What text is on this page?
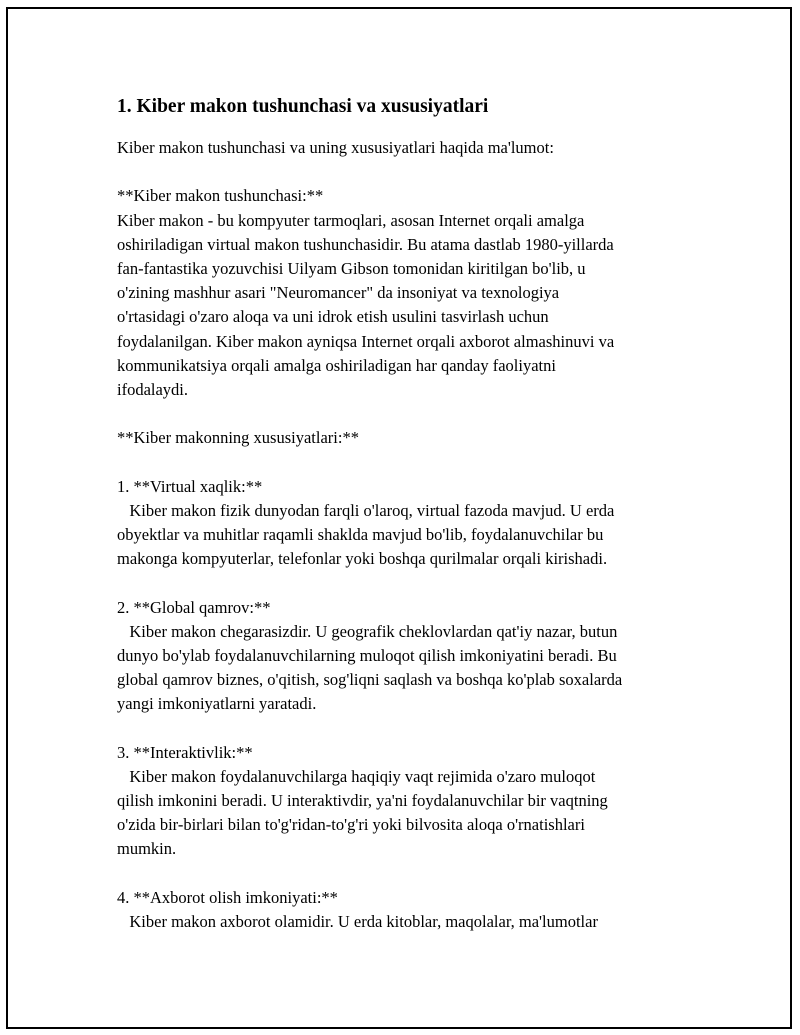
1. Kiber makon tushunchasi va xususiyatlari
Kiber makon tushunchasi va uning xususiyatlari haqida ma'lumot:
**Kiber makon tushunchasi:**
Kiber makon - bu kompyuter tarmoqlari, asosan Internet orqali amalga
oshiriladigan virtual makon tushunchasidir. Bu atama dastlab 1980-yillarda
fan-fantastika yozuvchisi Uilyam Gibson tomonidan kiritilgan bo'lib, u
o'zining mashhur asari "Neuromancer" da insoniyat va texnologiya
o'rtasidagi o'zaro aloqa va uni idrok etish usulini tasvirlash uchun
foydalanilgan. Kiber makon ayniqsa Internet orqali axborot almashinuvi va
kommunikatsiya orqali amalga oshiriladigan har qanday faoliyatni
ifodalaydi.
**Kiber makonning xususiyatlari:**
1. **Virtual xaqlik:**
Kiber makon fizik dunyodan farqli o'laroq, virtual fazoda mavjud. U erda
obyektlar va muhitlar raqamli shaklda mavjud bo'lib, foydalanuvchilar bu
makonga kompyuterlar, telefonlar yoki boshqa qurilmalar orqali kirishadi.
2. **Global qamrov:**
Kiber makon chegarasizdir. U geografik cheklovlardan qat'iy nazar, butun
dunyo bo'ylab foydalanuvchilarning muloqot qilish imkoniyatini beradi. Bu
global qamrov biznes, o'qitish, sog'liqni saqlash va boshqa ko'plab soxalarda
yangi imkoniyatlarni yaratadi.
3. **Interaktivlik:**
Kiber makon foydalanuvchilarga haqiqiy vaqt rejimida o'zaro muloqot
qilish imkonini beradi. U interaktivdir, ya'ni foydalanuvchilar bir vaqtning
o'zida bir-birlari bilan to'g'ridan-to'g'ri yoki bilvosita aloqa o'rnatishlari
mumkin.
4. **Axborot olish imkoniyati:**
Kiber makon axborot olamidir. U erda kitoblar, maqolalar, ma'lumotlar
